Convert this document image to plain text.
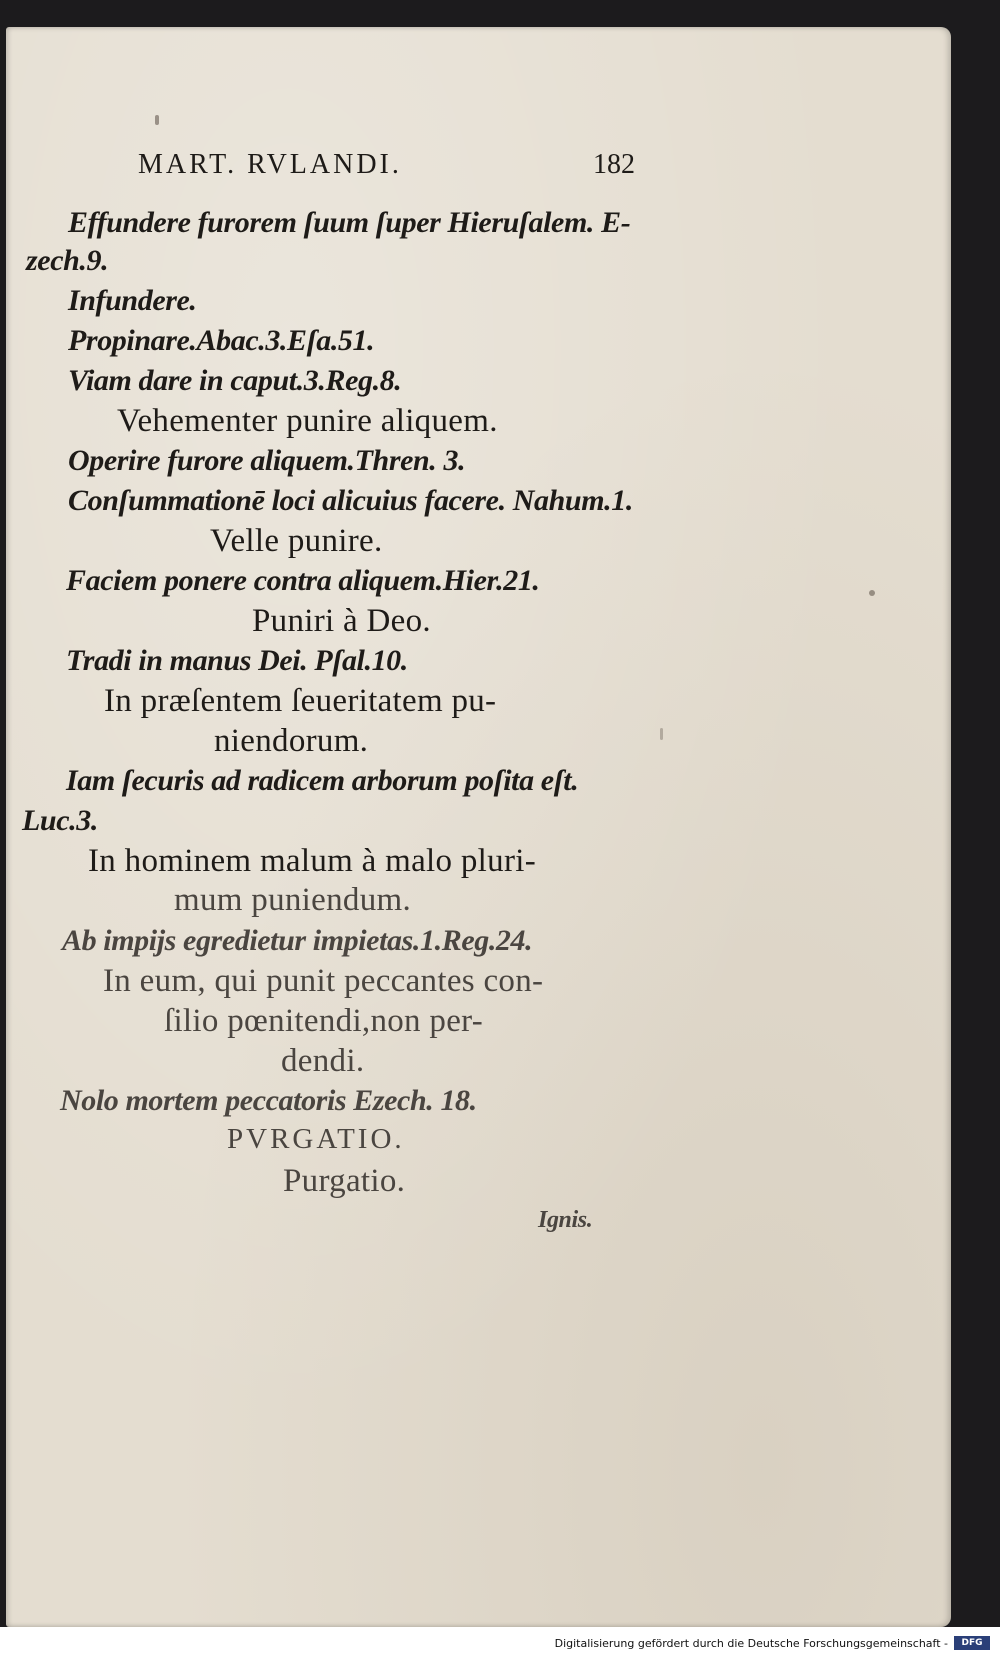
MART. RVLANDI.	182
Effundere furorem ſuum ſuper Hieruſalem. E-
zech.9.
Infundere.
Propinare.Abac.3.Eſa.51.
Viam dare in caput.3.Reg.8.
Vehementer punire aliquem.
Operire furore aliquem.Thren. 3.
Conſummationē loci alicuius facere. Nahum.1.
Velle punire.
Faciem ponere contra aliquem.Hier.21.
Puniri à Deo.
Tradi in manus Dei. Pſal.10.
In præſentem ſeueritatem pu-
niendorum.
Iam ſecuris ad radicem arborum poſita eſt.
Luc.3.
In hominem malum à malo pluri-
mum puniendum.
Ab impijs egredietur impietas.1.Reg.24.
In eum, qui punit peccantes con-
ſilio pœnitendi,non per-
dendi.
Nolo mortem peccatoris Ezech. 18.
PVRGATIO.
Purgatio.
Ignis.
Digitalisierung gefördert durch die Deutsche Forschungsgemeinschaft -	DFG
